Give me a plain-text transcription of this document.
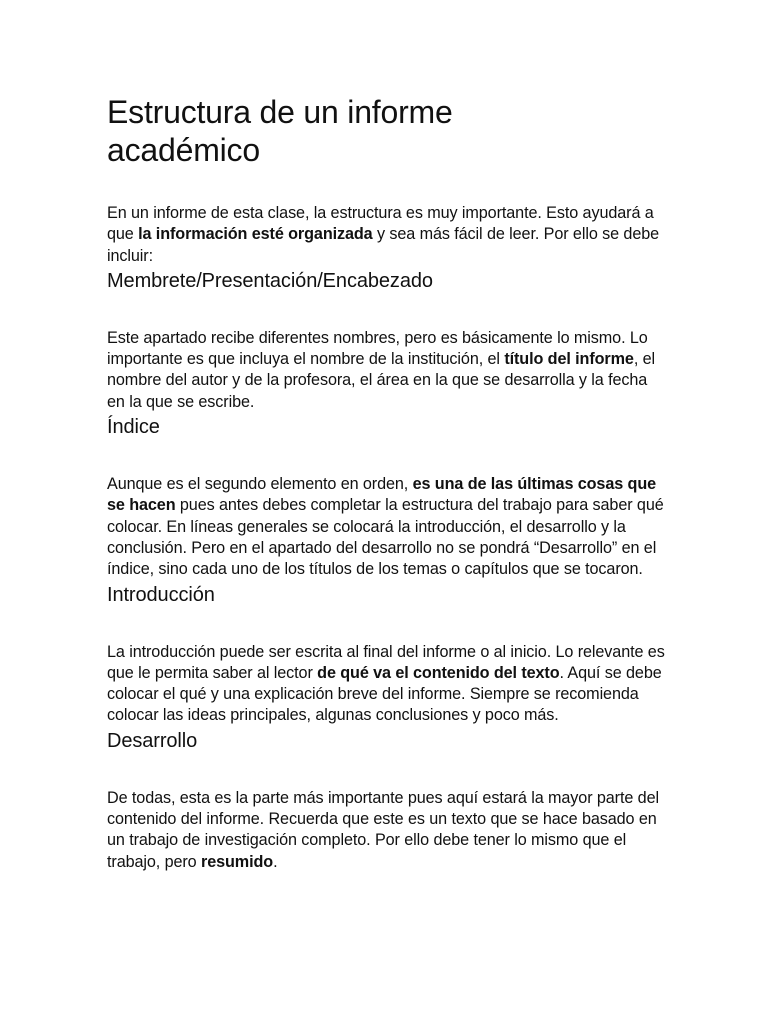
Estructura de un informe
académico

En un informe de esta clase, la estructura es muy importante. Esto ayudará a que la información esté organizada y sea más fácil de leer. Por ello se debe incluir:

Membrete/Presentación/Encabezado

Este apartado recibe diferentes nombres, pero es básicamente lo mismo. Lo importante es que incluya el nombre de la institución, el título del informe, el nombre del autor y de la profesora, el área en la que se desarrolla y la fecha en la que se escribe.

Índice

Aunque es el segundo elemento en orden, es una de las últimas cosas que se hacen pues antes debes completar la estructura del trabajo para saber qué colocar. En líneas generales se colocará la introducción, el desarrollo y la conclusión. Pero en el apartado del desarrollo no se pondrá “Desarrollo” en el índice, sino cada uno de los títulos de los temas o capítulos que se tocaron.

Introducción

La introducción puede ser escrita al final del informe o al inicio. Lo relevante es que le permita saber al lector de qué va el contenido del texto. Aquí se debe colocar el qué y una explicación breve del informe. Siempre se recomienda colocar las ideas principales, algunas conclusiones y poco más.

Desarrollo

De todas, esta es la parte más importante pues aquí estará la mayor parte del contenido del informe. Recuerda que este es un texto que se hace basado en un trabajo de investigación completo. Por ello debe tener lo mismo que el trabajo, pero resumido.
